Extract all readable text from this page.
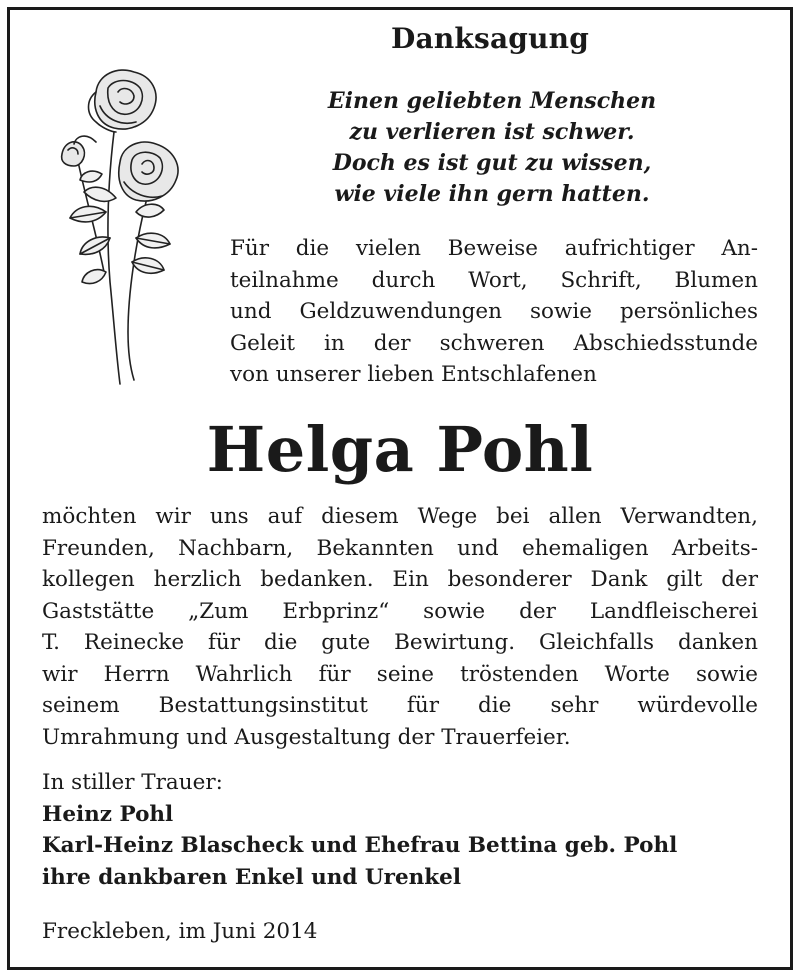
Danksagung
Einen geliebten Menschen
zu verlieren ist schwer.
Doch es ist gut zu wissen,
wie viele ihn gern hatten.
Für die vielen Beweise aufrichtiger An-
teilnahme durch Wort, Schrift, Blumen
und Geldzuwendungen sowie persönliches
Geleit in der schweren Abschiedsstunde
von unserer lieben Entschlafenen
Helga Pohl
möchten wir uns auf diesem Wege bei allen Verwandten,
Freunden, Nachbarn, Bekannten und ehemaligen Arbeits-
kollegen herzlich bedanken. Ein besonderer Dank gilt der
Gaststätte „Zum Erbprinz“ sowie der Landfleischerei
T. Reinecke für die gute Bewirtung. Gleichfalls danken
wir Herrn Wahrlich für seine tröstenden Worte sowie
seinem Bestattungsinstitut für die sehr würdevolle
Umrahmung und Ausgestaltung der Trauerfeier.
In stiller Trauer:
Heinz Pohl
Karl-Heinz Blascheck und Ehefrau Bettina geb. Pohl
ihre dankbaren Enkel und Urenkel
Freckleben, im Juni 2014
